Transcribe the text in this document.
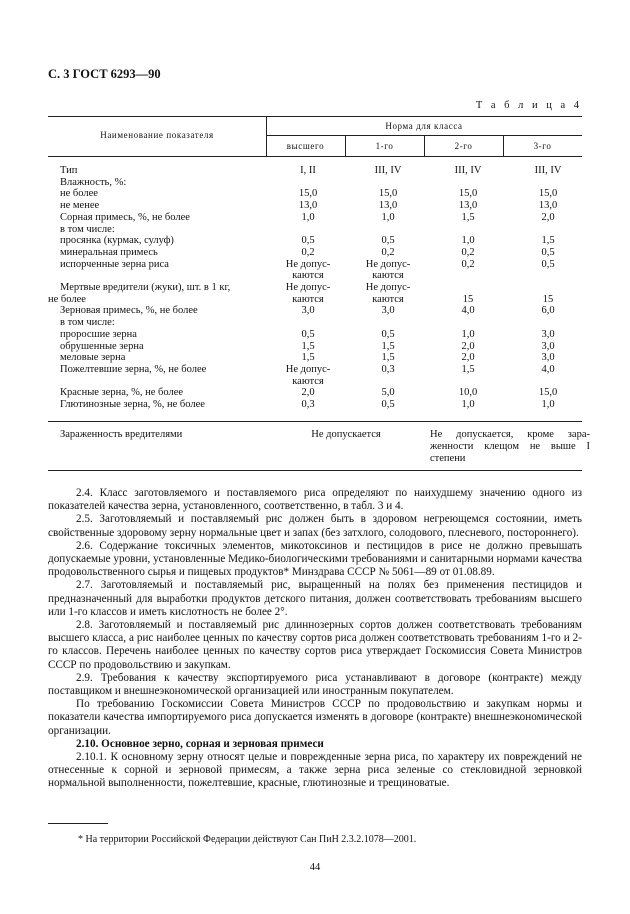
С. 3 ГОСТ 6293—90
Т а б л и ц а 4
Наименование показателя
Норма для класса
высшего	1-го	2-го	3-го
Тип	I, II	III, IV	III, IV	III, IV
Влажность, %:
не более	15,0	15,0	15,0	15,0
не менее	13,0	13,0	13,0	13,0
Сорная примесь, %, не более	1,0	1,0	1,5	2,0
в том числе:
просянка (курмак, сулуф)	0,5	0,5	1,0	1,5
минеральная примесь	0,2	0,2	0,2	0,5
испорченные зерна риса	Не допус-	Не допус-	0,2	0,5
каются	каются
Мертвые вредители (жуки), шт. в 1 кг,	Не допус-	Не допус-
не более	каются	каются	15	15
Зерновая примесь, %, не более	3,0	3,0	4,0	6,0
в том числе:
проросшие зерна	0,5	0,5	1,0	3,0
обрушенные зерна	1,5	1,5	2,0	3,0
меловые зерна	1,5	1,5	2,0	3,0
Пожелтевшие зерна, %, не более	Не допус-	0,3	1,5	4,0
каются
Красные зерна, %, не более	2,0	5,0	10,0	15,0
Глютинозные зерна, %, не более	0,3	0,5	1,0	1,0
Зараженность вредителями	Не допускается	Не допускается, кроме зара-
женности клещом не выше I
степени

2.4. Класс заготовляемого и поставляемого риса определяют по наихудшему значению одного из показателей качества зерна, установленного, соответственно, в табл. 3 и 4.

2.5. Заготовляемый и поставляемый рис должен быть в здоровом негреющемся состоянии, иметь свойственные здоровому зерну нормальные цвет и запах (без затхлого, солодового, плесневого, постороннего).

2.6. Содержание токсичных элементов, микотоксинов и пестицидов в рисе не должно превышать допускаемые уровни, установленные Медико-биологическими требованиями и санитарными нормами качества продовольственного сырья и пищевых продуктов* Минздрава СССР № 5061—89 от 01.08.89.

2.7. Заготовляемый и поставляемый рис, выращенный на полях без применения пестицидов и предназначенный для выработки продуктов детского питания, должен соответствовать требованиям высшего или 1-го классов и иметь кислотность не более 2°.

2.8. Заготовляемый и поставляемый рис длиннозерных сортов должен соответствовать требованиям высшего класса, а рис наиболее ценных по качеству сортов риса должен соответствовать требованиям 1-го и 2-го классов. Перечень наиболее ценных по качеству сортов риса утверждает Госкомиссия Совета Министров СССР по продовольствию и закупкам.

2.9. Требования к качеству экспортируемого риса устанавливают в договоре (контракте) между поставщиком и внешнеэкономической организацией или иностранным покупателем.

По требованию Госкомиссии Совета Министров СССР по продовольствию и закупкам нормы и показатели качества импортируемого риса допускается изменять в договоре (контракте) внешнеэкономической организации.

2.10. Основное зерно, сорная и зерновая примеси

2.10.1. К основному зерну относят целые и поврежденные зерна риса, по характеру их повреждений не отнесенные к сорной и зерновой примесям, а также зерна риса зеленые со стекловидной зерновкой нормальной выполненности, пожелтевшие, красные, глютинозные и трещиноватые.

* На территории Российской Федерации действуют Сан ПиН 2.3.2.1078—2001.
44
